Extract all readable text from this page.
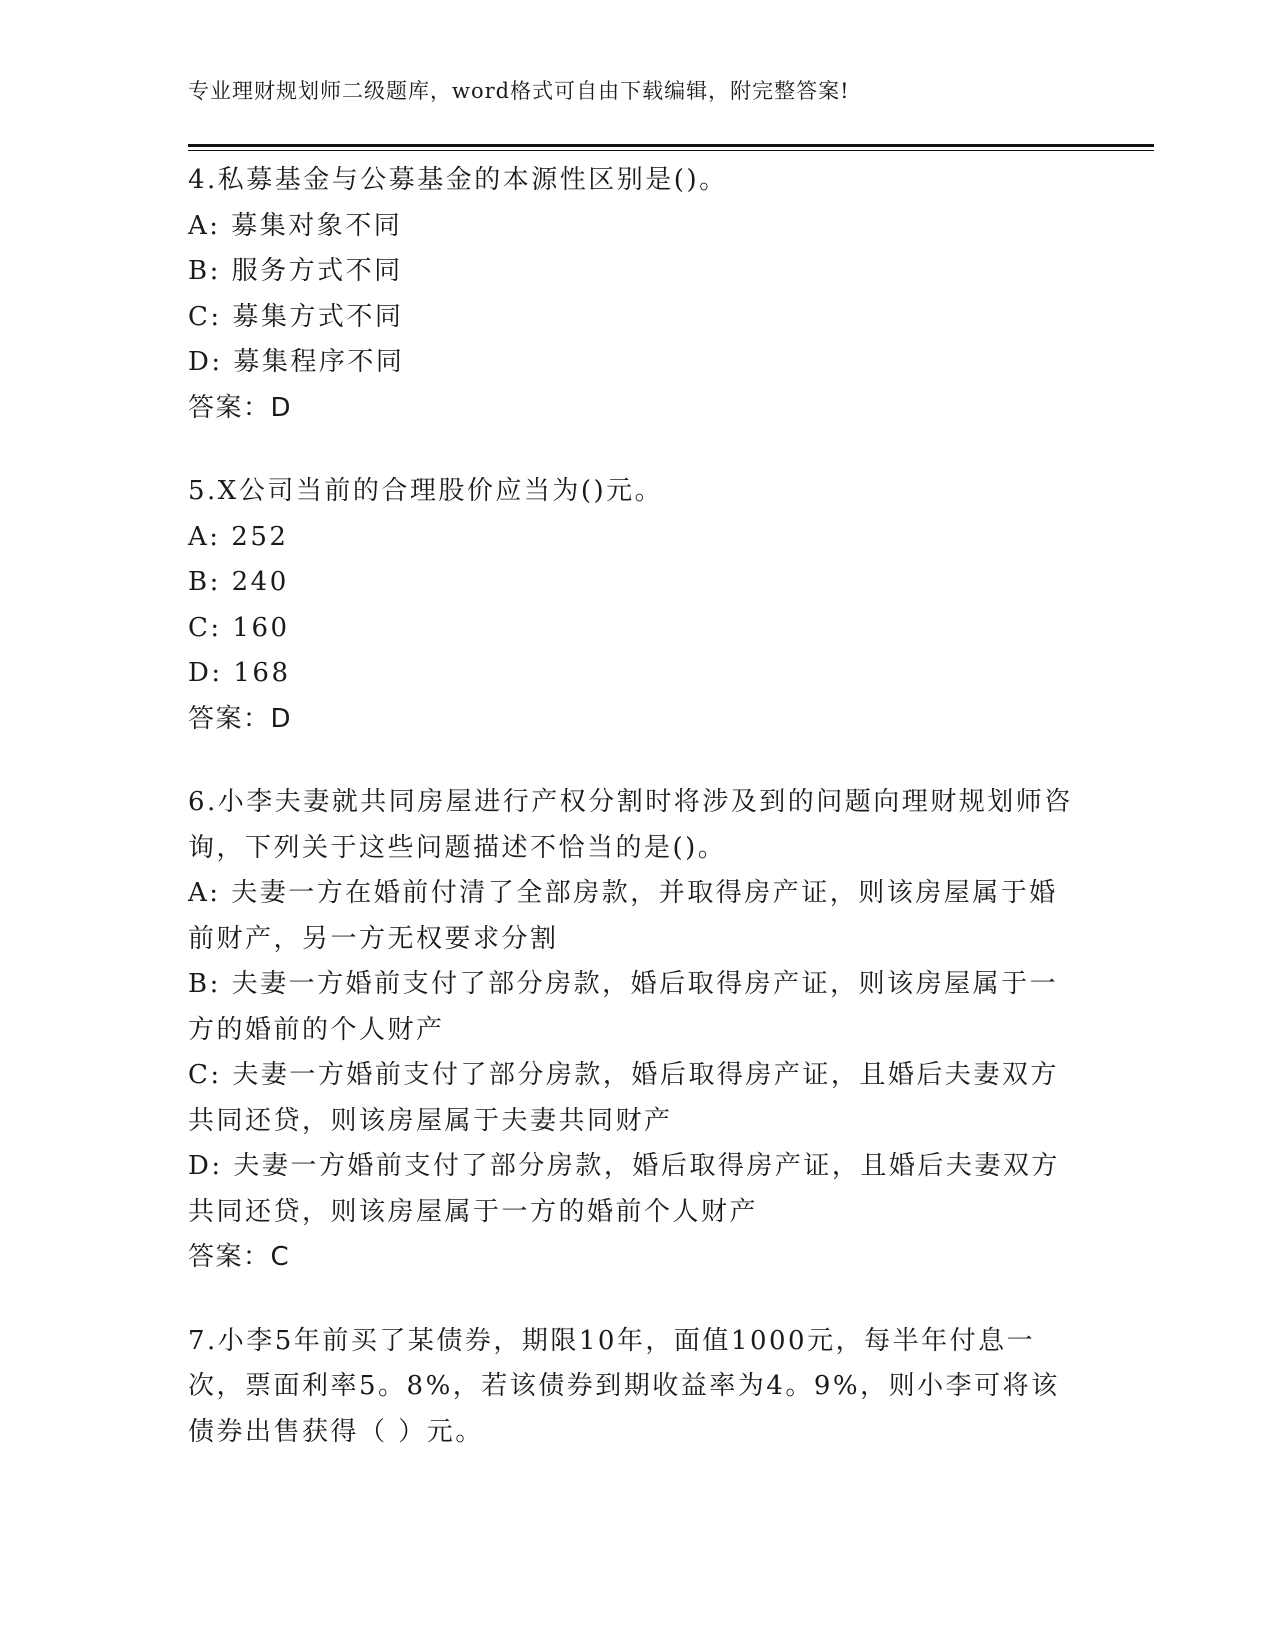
专业理财规划师二级题库，word格式可自由下载编辑，附完整答案!

4.私募基金与公募基金的本源性区别是()。

A: 募集对象不同

B: 服务方式不同

C: 募集方式不同

D: 募集程序不同

答案：D

5.X公司当前的合理股价应当为()元。

A: 252

B: 240

C: 160

D: 168

答案：D

6.小李夫妻就共同房屋进行产权分割时将涉及到的问题向理财规划师咨询，下列关于这些问题描述不恰当的是()。

A: 夫妻一方在婚前付清了全部房款，并取得房产证，则该房屋属于婚前财产，另一方无权要求分割

B: 夫妻一方婚前支付了部分房款，婚后取得房产证，则该房屋属于一方的婚前的个人财产

C: 夫妻一方婚前支付了部分房款，婚后取得房产证，且婚后夫妻双方共同还贷，则该房屋属于夫妻共同财产

D: 夫妻一方婚前支付了部分房款，婚后取得房产证，且婚后夫妻双方共同还贷，则该房屋属于一方的婚前个人财产

答案：C

7.小李5年前买了某债券，期限10年，面值1000元，每半年付息一次，票面利率5。8%，若该债券到期收益率为4。9%，则小李可将该债券出售获得（ ）元。
